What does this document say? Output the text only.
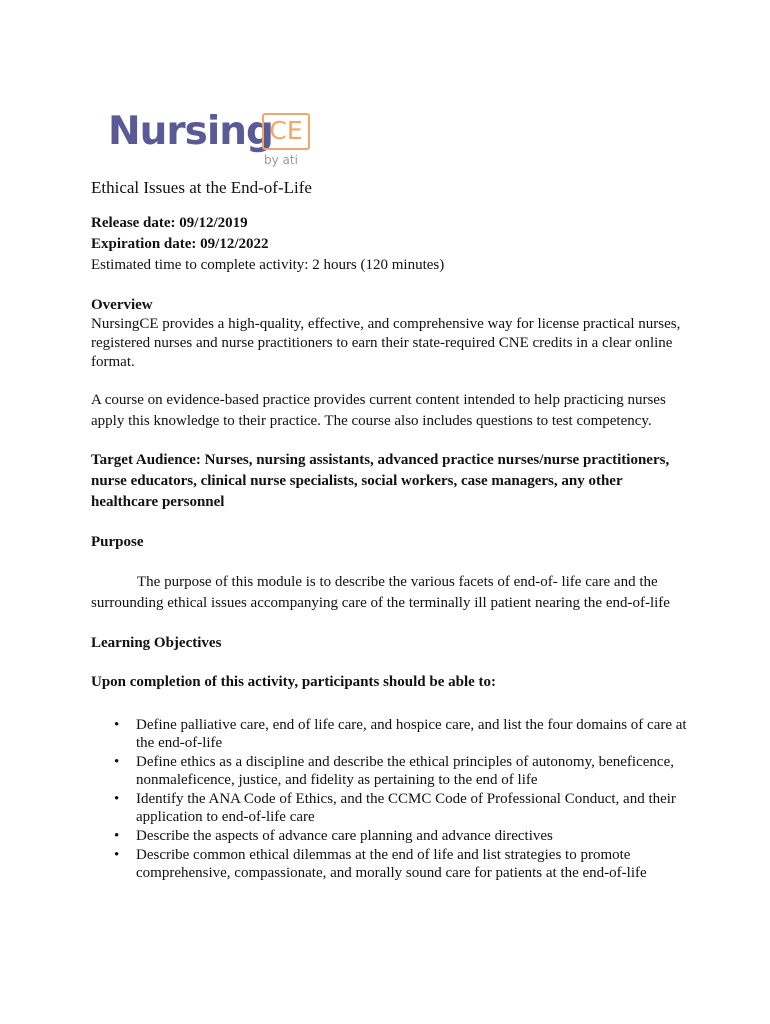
Nursing
CE
by ati

Ethical Issues at the End-of-Life

Release date: 09/12/2019

Expiration date: 09/12/2022

Estimated time to complete activity: 2 hours (120 minutes)

Overview

NursingCE provides a high-quality, effective, and comprehensive way for license practical nurses, registered nurses and nurse practitioners to earn their state-required CNE credits in a clear online format.

A course on evidence-based practice provides current content intended to help practicing nurses apply this knowledge to their practice. The course also includes questions to test competency.

Target Audience: Nurses, nursing assistants, advanced practice nurses/nurse practitioners, nurse educators, clinical nurse specialists, social workers, case managers, any other healthcare personnel

Purpose

The purpose of this module is to describe the various facets of end-of- life care and the surrounding ethical issues accompanying care of the terminally ill patient nearing the end-of-life

Learning Objectives

Upon completion of this activity, participants should be able to:

• Define palliative care, end of life care, and hospice care, and list the four domains of care at the end-of-life
• Define ethics as a discipline and describe the ethical principles of autonomy, beneficence, nonmaleficence, justice, and fidelity as pertaining to the end of life
• Identify the ANA Code of Ethics, and the CCMC Code of Professional Conduct, and their application to end-of-life care
• Describe the aspects of advance care planning and advance directives
• Describe common ethical dilemmas at the end of life and list strategies to promote comprehensive, compassionate, and morally sound care for patients at the end-of-life
